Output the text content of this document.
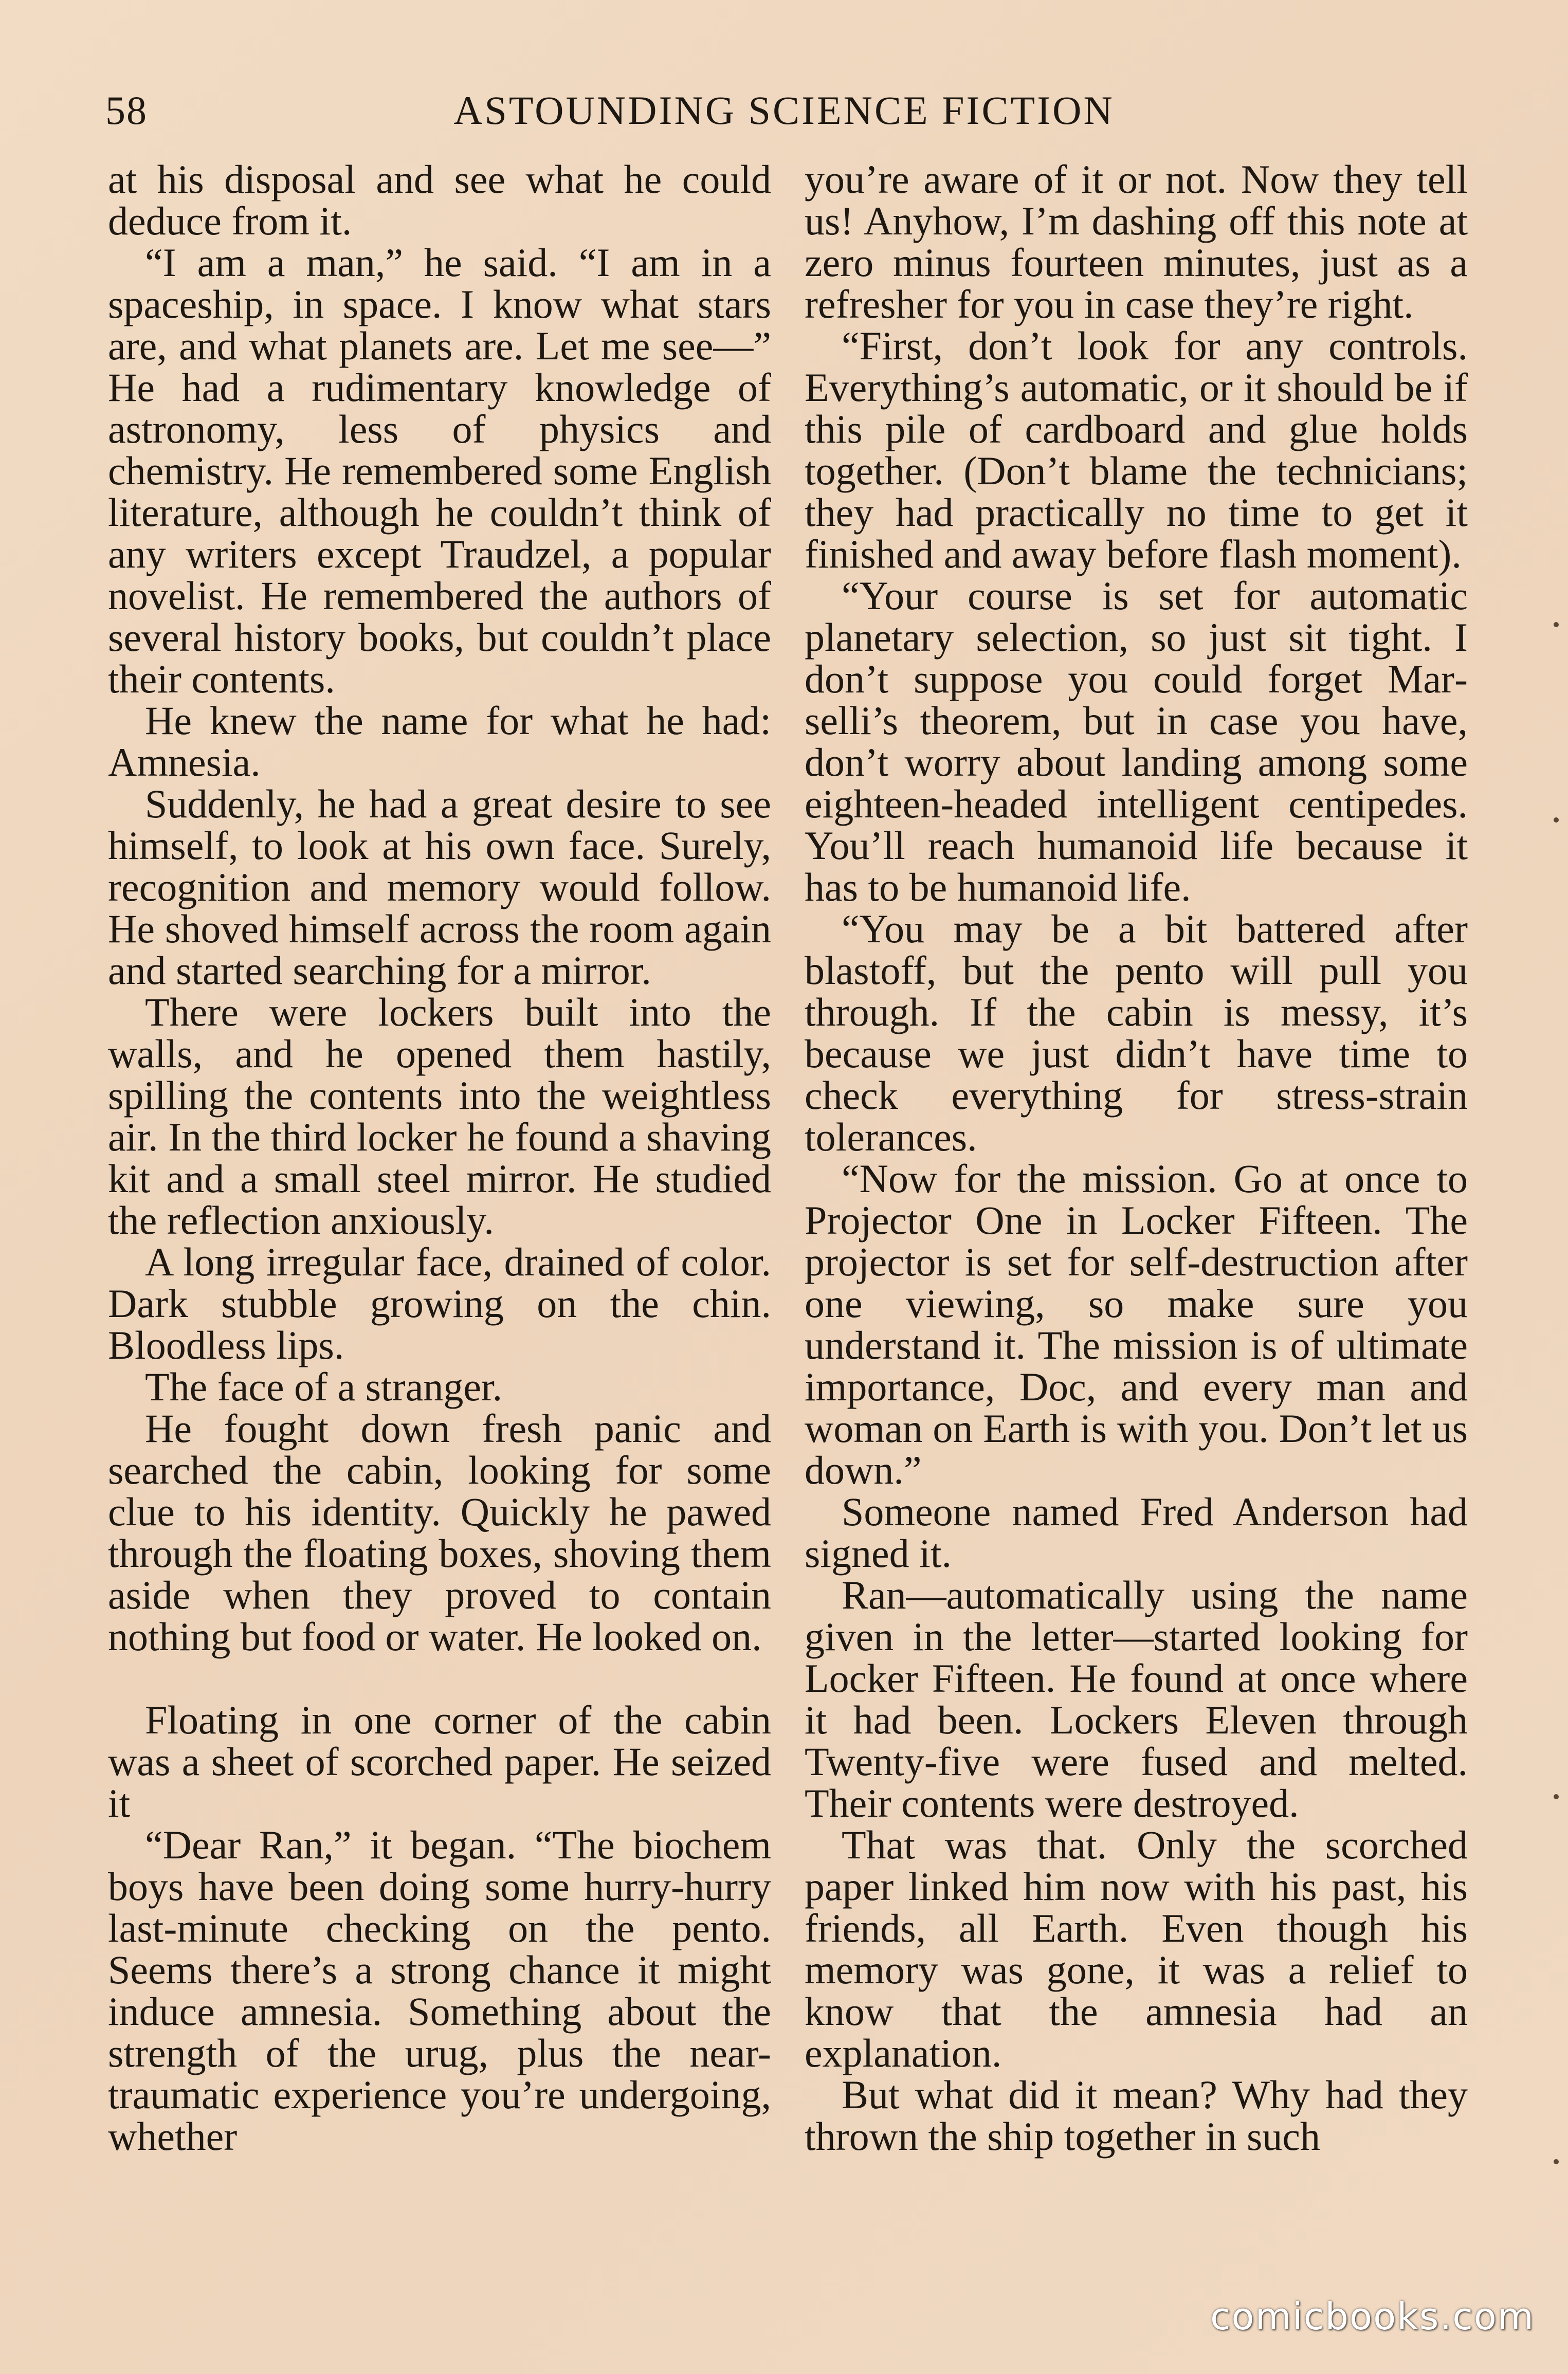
58	ASTOUNDING SCIENCE FICTION

at his disposal and see what he could deduce from it.

“I am a man,” he said. “I am in a spaceship, in space. I know what stars are, and what planets are. Let me see—” He had a rudimentary knowledge of astronomy, less of physics and chemistry. He remembered some English literature, although he couldn’t think of any writers except Traudzel, a popular novelist. He remembered the authors of several history books, but couldn’t place their contents.

He knew the name for what he had: Amnesia.

Suddenly, he had a great desire to see himself, to look at his own face. Surely, recognition and memory would follow. He shoved himself across the room again and started searching for a mirror.

There were lockers built into the walls, and he opened them hastily, spilling the contents into the weightless air. In the third locker he found a shaving kit and a small steel mirror. He studied the reflection anxiously.

A long irregular face, drained of color. Dark stubble growing on the chin. Bloodless lips.

The face of a stranger.

He fought down fresh panic and searched the cabin, looking for some clue to his identity. Quickly he pawed through the floating boxes, shoving them aside when they proved to contain nothing but food or water. He looked on.

Floating in one corner of the cabin was a sheet of scorched paper. He seized it

“Dear Ran,” it began. “The biochem boys have been doing some hurry-hurry last-minute checking on the pento. Seems there’s a strong chance it might induce amnesia. Something about the strength of the urug, plus the near-traumatic experience you’re undergoing, whether

you’re aware of it or not. Now they tell us! Anyhow, I’m dashing off this note at zero minus fourteen minutes, just as a refresher for you in case they’re right.

“First, don’t look for any controls. Everything’s automatic, or it should be if this pile of cardboard and glue holds together. (Don’t blame the technicians; they had practically no time to get it finished and away before flash moment).

“Your course is set for automatic planetary selection, so just sit tight. I don’t suppose you could forget Marselli’s theorem, but in case you have, don’t worry about landing among some eighteen-headed intelligent centipedes. You’ll reach humanoid life because it has to be humanoid life.

“You may be a bit battered after blastoff, but the pento will pull you through. If the cabin is messy, it’s because we just didn’t have time to check everything for stress-strain tolerances.

“Now for the mission. Go at once to Projector One in Locker Fifteen. The projector is set for self-destruction after one viewing, so make sure you understand it. The mission is of ultimate importance, Doc, and every man and woman on Earth is with you. Don’t let us down.”

Someone named Fred Anderson had signed it.

Ran—automatically using the name given in the letter—started looking for Locker Fifteen. He found at once where it had been. Lockers Eleven through Twenty-five were fused and melted. Their contents were destroyed.

That was that. Only the scorched paper linked him now with his past, his friends, all Earth. Even though his memory was gone, it was a relief to know that the amnesia had an explanation.

But what did it mean? Why had they thrown the ship together in such

comicbooks.com
